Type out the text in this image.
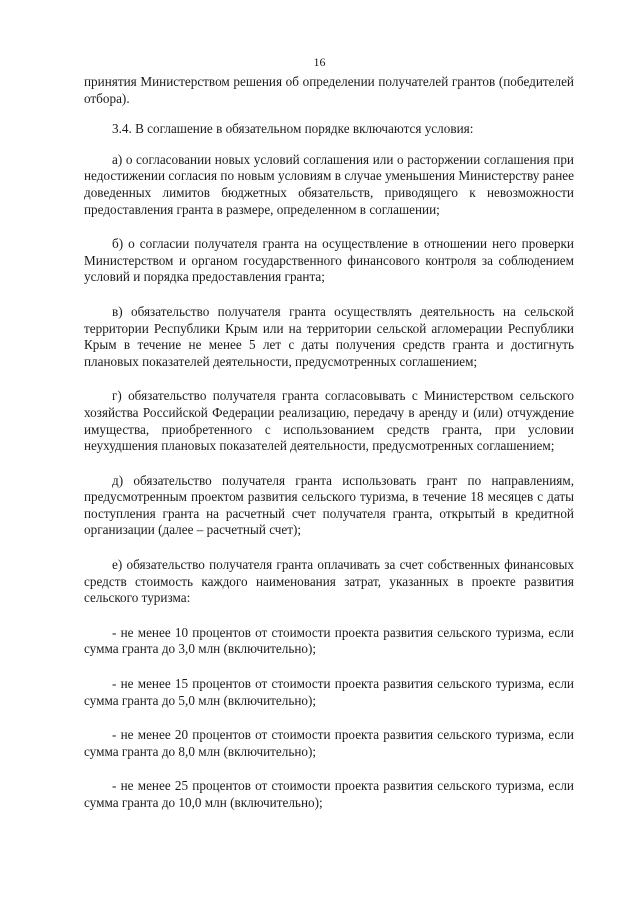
16

принятия Министерством решения об определении получателей грантов (победителей отбора).

3.4. В соглашение в обязательном порядке включаются условия:

а) о согласовании новых условий соглашения или о расторжении соглашения при недостижении согласия по новым условиям в случае уменьшения Министерству ранее доведенных лимитов бюджетных обязательств, приводящего к невозможности предоставления гранта в размере, определенном в соглашении;

б) о согласии получателя гранта на осуществление в отношении него проверки Министерством и органом государственного финансового контроля за соблюдением условий и порядка предоставления гранта;

в) обязательство получателя гранта осуществлять деятельность на сельской территории Республики Крым или на территории сельской агломерации Республики Крым в течение не менее 5 лет с даты получения средств гранта и достигнуть плановых показателей деятельности, предусмотренных соглашением;

г) обязательство получателя гранта согласовывать с Министерством сельского хозяйства Российской Федерации реализацию, передачу в аренду и (или) отчуждение имущества, приобретенного с использованием средств гранта, при условии неухудшения плановых показателей деятельности, предусмотренных соглашением;

д) обязательство получателя гранта использовать грант по направлениям, предусмотренным проектом развития сельского туризма, в течение 18 месяцев с даты поступления гранта на расчетный счет получателя гранта, открытый в кредитной организации (далее – расчетный счет);

е) обязательство получателя гранта оплачивать за счет собственных финансовых средств стоимость каждого наименования затрат, указанных в проекте развития сельского туризма:

- не менее 10 процентов от стоимости проекта развития сельского туризма, если сумма гранта до 3,0 млн (включительно);

- не менее 15 процентов от стоимости проекта развития сельского туризма, если сумма гранта до 5,0 млн (включительно);

- не менее 20 процентов от стоимости проекта развития сельского туризма, если сумма гранта до 8,0 млн (включительно);

- не менее 25 процентов от стоимости проекта развития сельского туризма, если сумма гранта до 10,0 млн (включительно);
